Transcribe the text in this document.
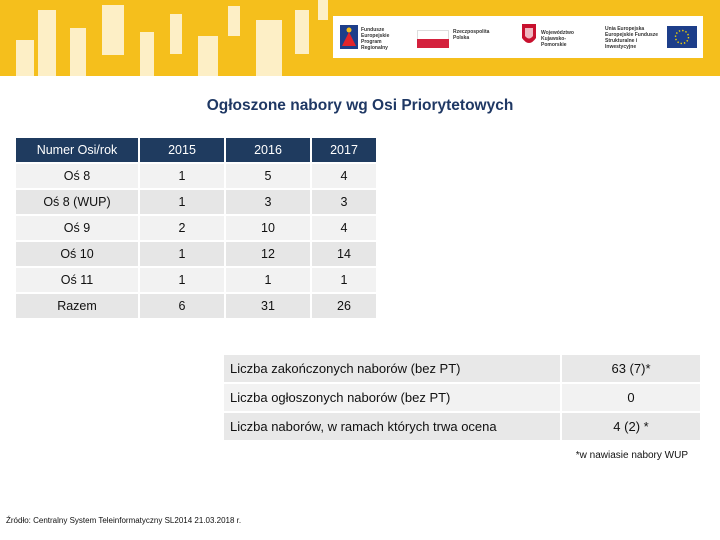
Fundusze Europejskie Program Regionalny
Rzeczpospolita Polska
Województwo Kujawsko-Pomorskie
Unia Europejska Europejskie Fundusze Strukturalne i Inwestycyjne
Ogłoszone nabory wg Osi Priorytetowych
Numer Osi/rok	2015	2016	2017
Oś 8	1	5	4
Oś 8 (WUP)	1	3	3
Oś 9	2	10	4
Oś 10	1	12	14
Oś 11	1	1	1
Razem	6	31	26
Liczba zakończonych naborów (bez PT)	63 (7)*
Liczba ogłoszonych naborów (bez PT)	0
Liczba naborów, w ramach których trwa ocena	4 (2) *
*w nawiasie nabory WUP
Źródło: Centralny System Teleinformatyczny SL2014 21.03.2018 r.
